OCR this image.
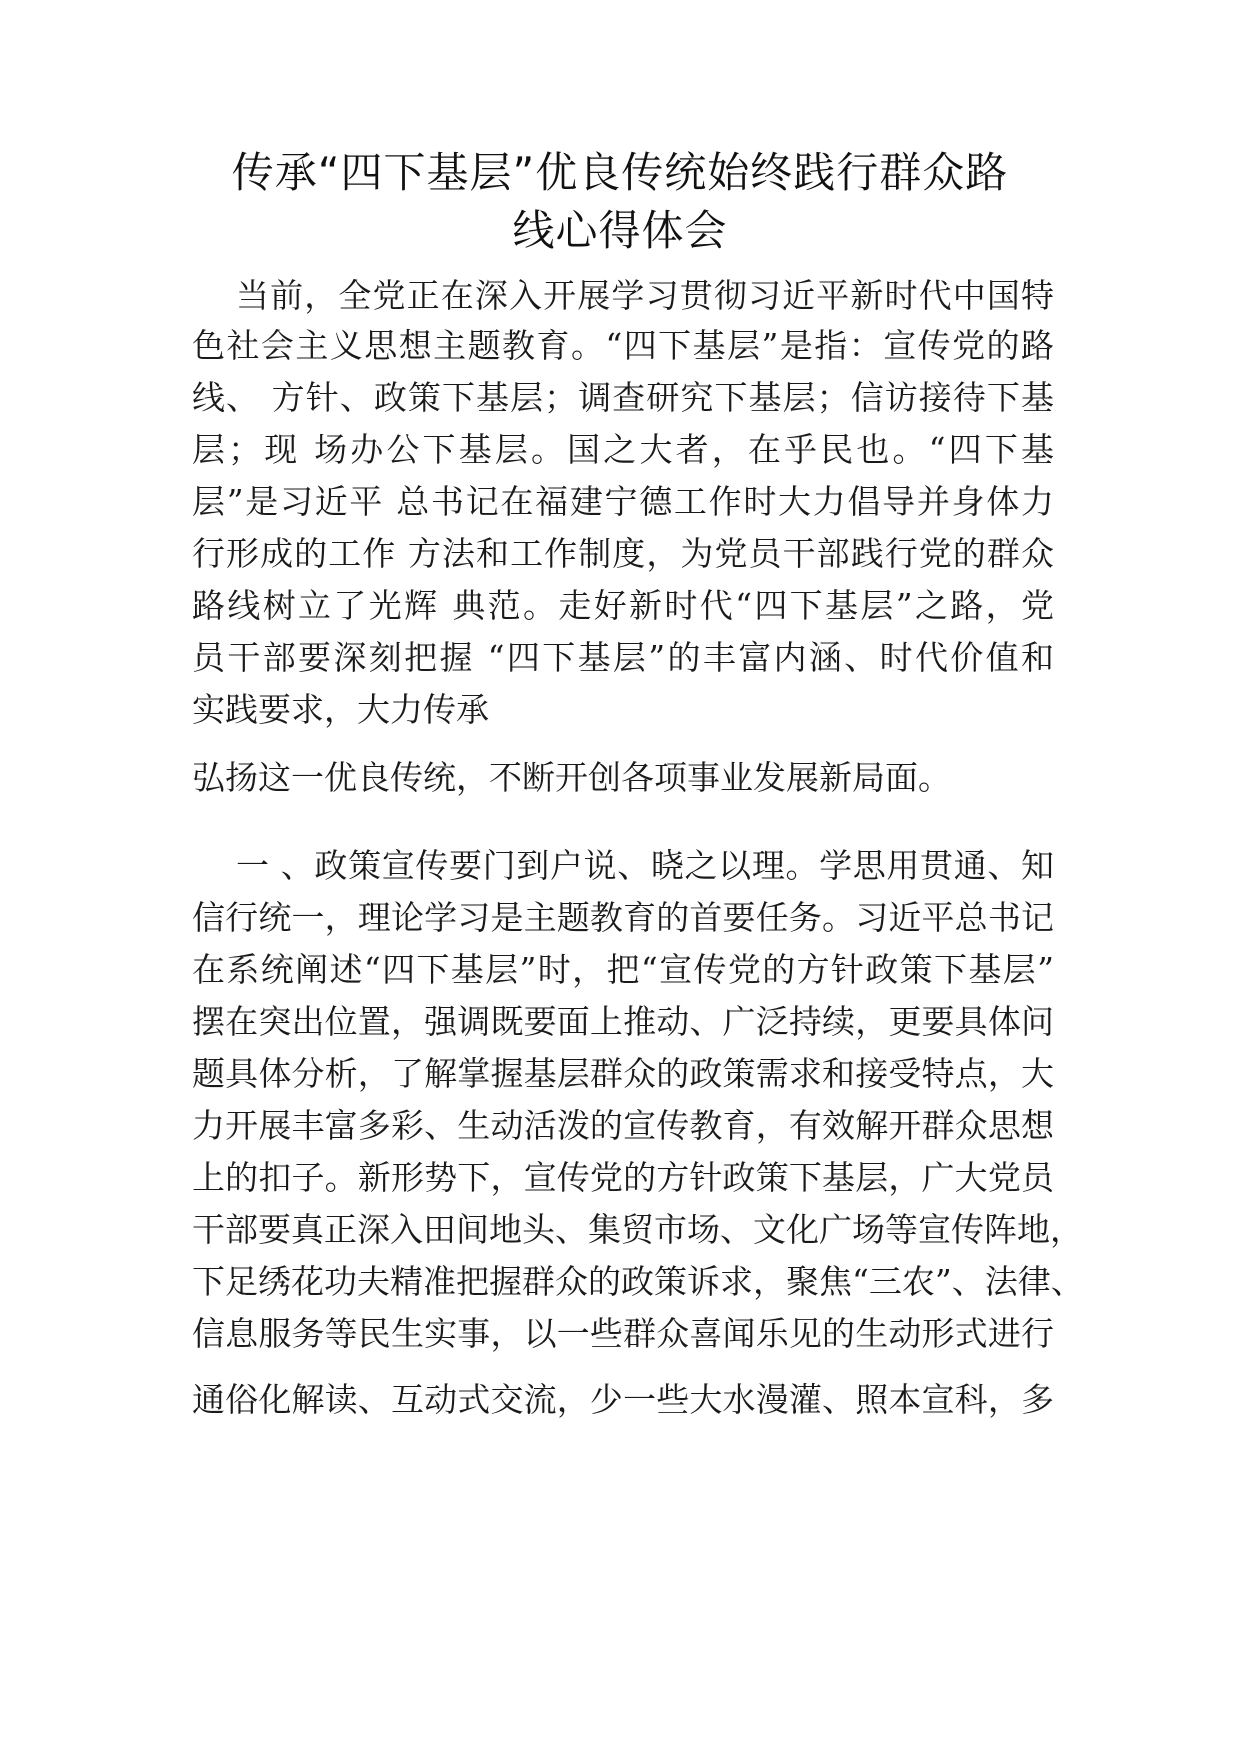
传承“四下基层”优良传统始终践行群众路
线心得体会
当前，全党正在深入开展学习贯彻习近平新时代中国特
色社会主义思想主题教育。“四下基层”是指：宣传党的路
线、 方针、政策下基层；调查研究下基层；信访接待下基
层；现 场办公下基层。国之大者，在乎民也。“四下基
层”是习近平 总书记在福建宁德工作时大力倡导并身体力
行形成的工作 方法和工作制度，为党员干部践行党的群众
路线树立了光辉 典范。走好新时代“四下基层”之路，党
员干部要深刻把握 “四下基层”的丰富内涵、时代价值和
实践要求，大力传承
弘扬这一优良传统，不断开创各项事业发展新局面。
一 、政策宣传要门到户说、晓之以理。学思用贯通、知
信行统一，理论学习是主题教育的首要任务。习近平总书记
在系统阐述“四下基层”时，把“宣传党的方针政策下基层”
摆在突出位置，强调既要面上推动、广泛持续，更要具体问
题具体分析，了解掌握基层群众的政策需求和接受特点，大
力开展丰富多彩、生动活泼的宣传教育，有效解开群众思想
上的扣子。新形势下，宣传党的方针政策下基层，广大党员
干部要真正深入田间地头、集贸市场、文化广场等宣传阵地，
下足绣花功夫精准把握群众的政策诉求，聚焦“三农”、法律、
信息服务等民生实事，以一些群众喜闻乐见的生动形式进行
通俗化解读、互动式交流，少一些大水漫灌、照本宣科，多
